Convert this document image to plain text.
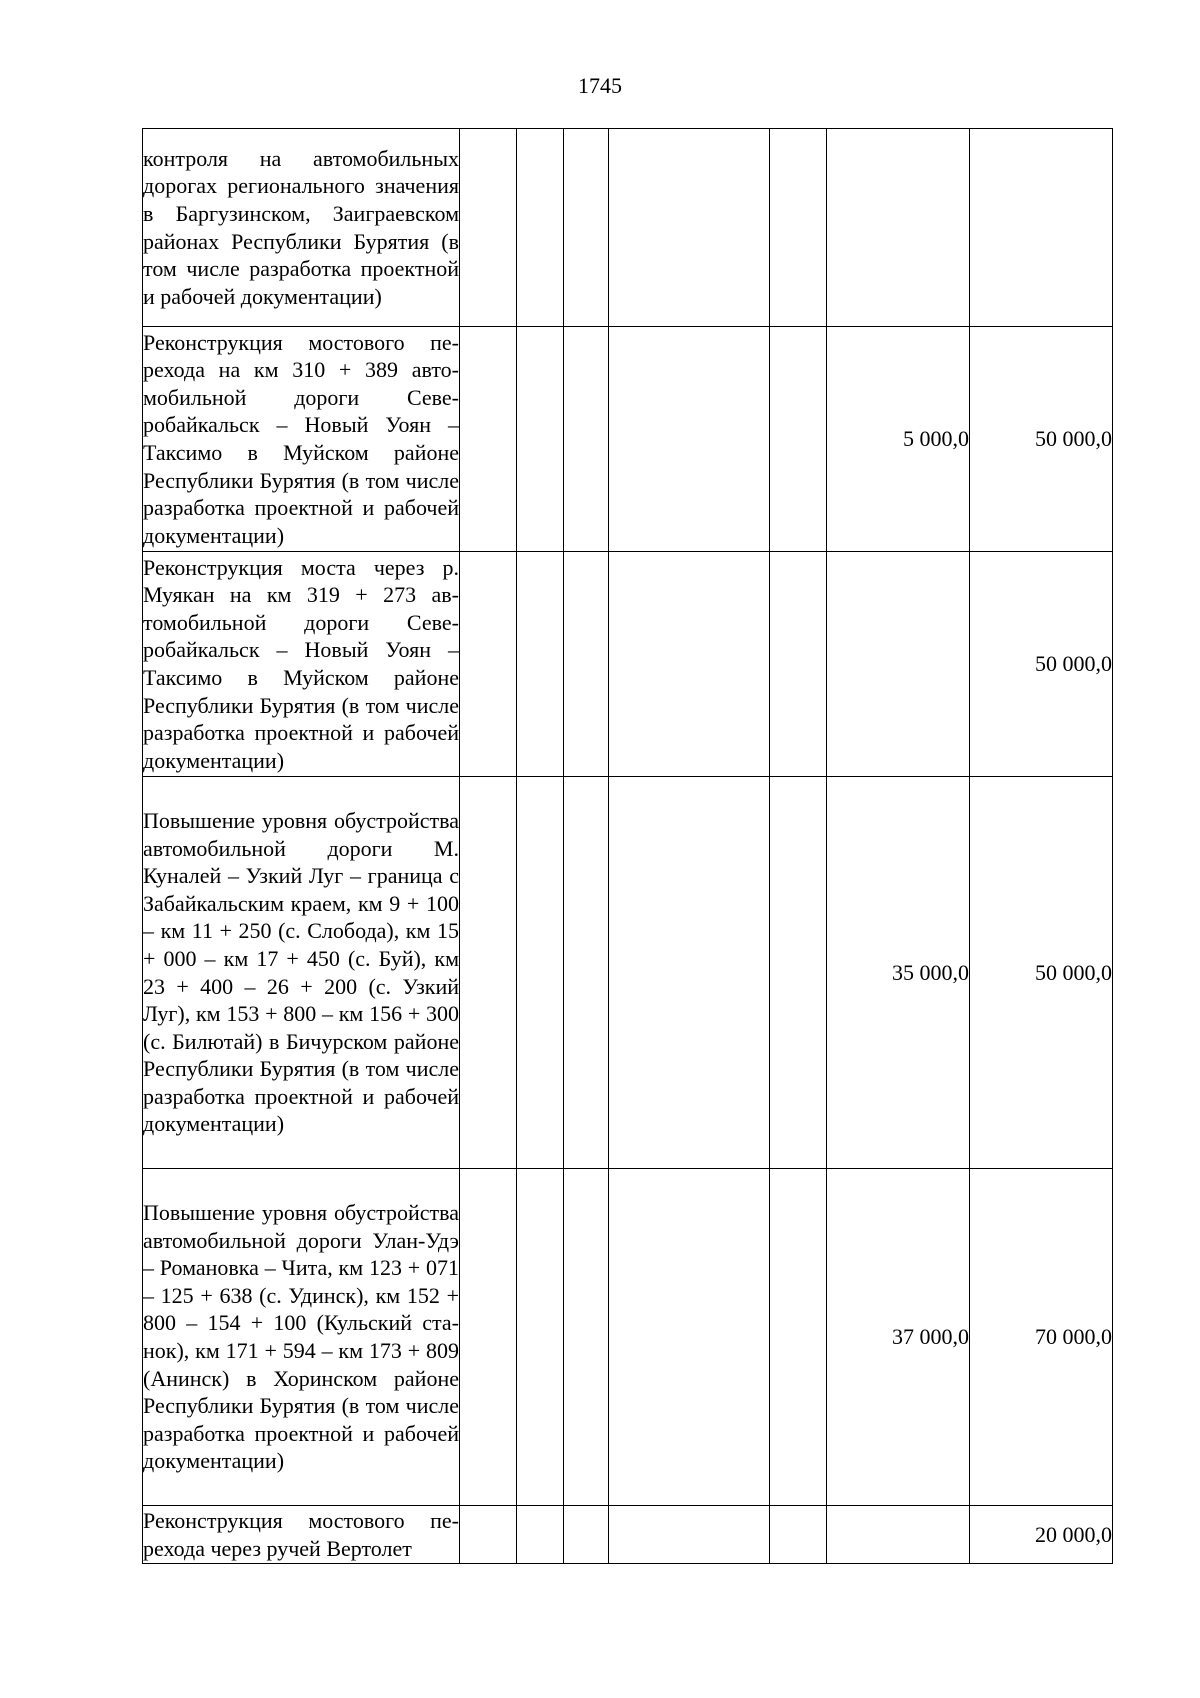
1745
контроля на автомобильных дорогах регионального значения в Баргузинском, Заиграевском районах Республики Бурятия (в том числе разработка проектной и рабочей документации)							
Реконструкция мостового перехода на км 310 + 389 автомобильной дороги Северобайкальск – Новый Уоян – Таксимо в Муйском районе Республики Бурятия (в том числе разработка проектной и рабочей документации)						5 000,0	50 000,0
Реконструкция моста через р. Муякан на км 319 + 273 автомобильной дороги Северобайкальск – Новый Уоян – Таксимо в Муйском районе Республики Бурятия (в том числе разработка проектной и рабочей документации)							50 000,0
Повышение уровня обустройства автомобильной дороги М. Куналей – Узкий Луг – граница с Забайкальским краем, км 9 + 100 – км 11 + 250 (с. Слобода), км 15 + 000 – км 17 + 450 (с. Буй), км 23 + 400 – 26 + 200 (с. Узкий Луг), км 153 + 800 – км 156 + 300 (с. Билютай) в Бичурском районе Республики Бурятия (в том числе разработка проектной и рабочей документации)						35 000,0	50 000,0
Повышение уровня обустройства автомобильной дороги Улан-Удэ – Романовка – Чита, км 123 + 071 – 125 + 638 (с. Удинск), км 152 + 800 – 154 + 100 (Кульский станок), км 171 + 594 – км 173 + 809 (Анинск) в Хоринском районе Республики Бурятия (в том числе разработка проектной и рабочей документации)						37 000,0	70 000,0
Реконструкция мостового перехода через ручей Вертолет							20 000,0
